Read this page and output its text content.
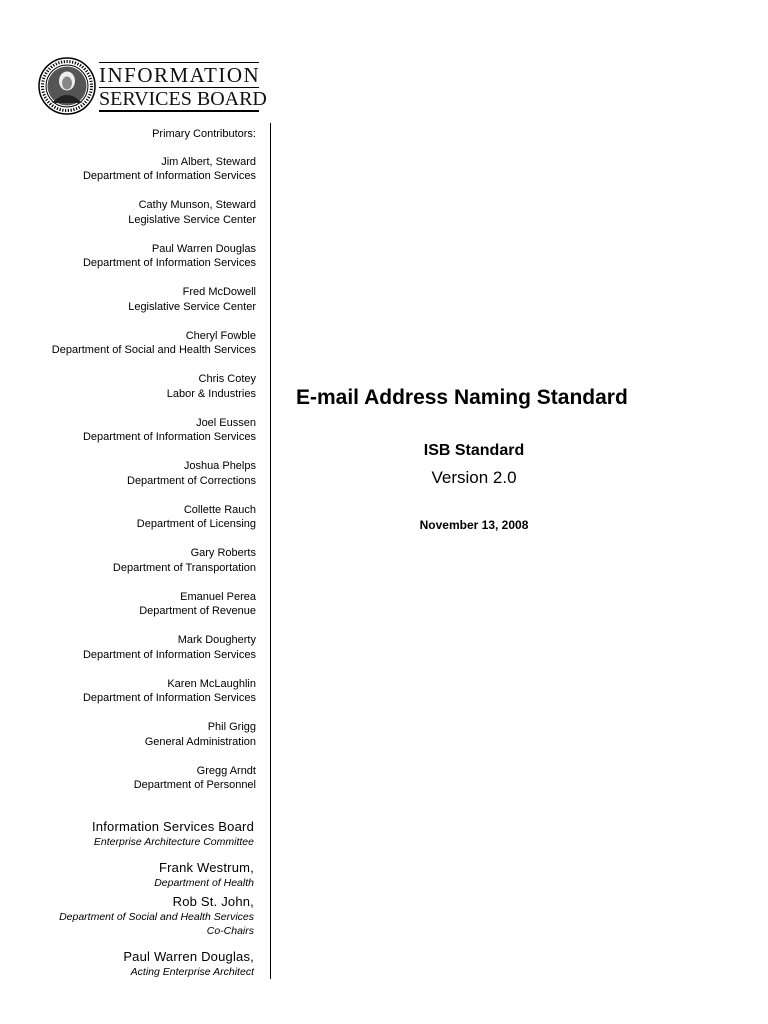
INFORMATION
SERVICES BOARD
Primary Contributors:
Jim Albert, Steward
Department of Information Services
Cathy Munson, Steward
Legislative Service Center
Paul Warren Douglas
Department of Information Services
Fred McDowell
Legislative Service Center
Cheryl Fowble
Department of Social and Health Services
Chris Cotey
Labor & Industries
Joel Eussen
Department of Information Services
Joshua Phelps
Department of Corrections
Collette Rauch
Department of Licensing
Gary Roberts
Department of Transportation
Emanuel Perea
Department of Revenue
Mark Dougherty
Department of Information Services
Karen McLaughlin
Department of Information Services
Phil Grigg
General Administration
Gregg Arndt
Department of Personnel
Information Services Board
Enterprise Architecture Committee
Frank Westrum,
Department of Health
Rob St. John,
Department of Social and Health Services
Co-Chairs
Paul Warren Douglas,
Acting Enterprise Architect
E-mail Address Naming Standard
ISB Standard
Version 2.0
November 13, 2008
